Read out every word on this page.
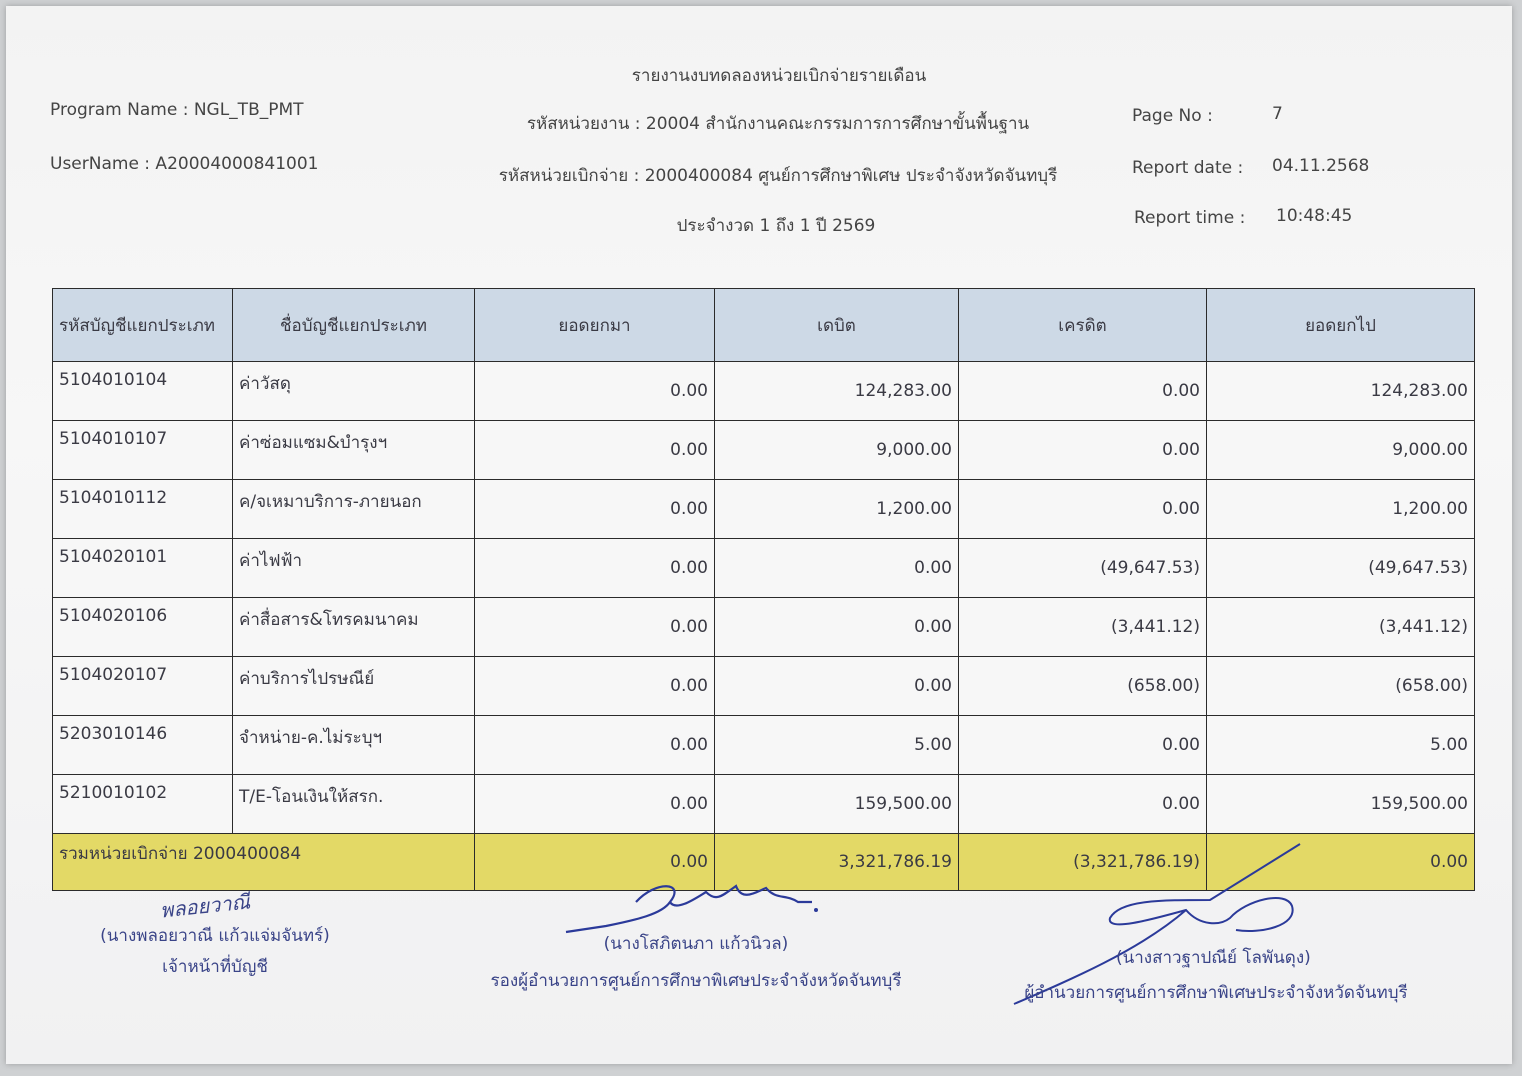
รายงานงบทดลองหน่วยเบิกจ่ายรายเดือน
Program Name : NGL_TB_PMT
UserName : A20004000841001
รหัสหน่วยงาน : 20004 สำนักงานคณะกรรมการการศึกษาขั้นพื้นฐาน
รหัสหน่วยเบิกจ่าย : 2000400084 ศูนย์การศึกษาพิเศษ ประจำจังหวัดจันทบุรี
ประจำงวด 1 ถึง 1 ปี 2569
Page No :	7
Report date : 04.11.2568
Report time : 10:48:45
รหัสบัญชีแยกประเภท	ชื่อบัญชีแยกประเภท	ยอดยกมา	เดบิต	เครดิต	ยอดยกไป
5104010104	ค่าวัสดุ	0.00	124,283.00	0.00	124,283.00
5104010107	ค่าซ่อมแซม&บำรุงฯ	0.00	9,000.00	0.00	9,000.00
5104010112	ค/จเหมาบริการ-ภายนอก	0.00	1,200.00	0.00	1,200.00
5104020101	ค่าไฟฟ้า	0.00	0.00	(49,647.53)	(49,647.53)
5104020106	ค่าสื่อสาร&โทรคมนาคม	0.00	0.00	(3,441.12)	(3,441.12)
5104020107	ค่าบริการไปรษณีย์	0.00	0.00	(658.00)	(658.00)
5203010146	จำหน่าย-ค.ไม่ระบุฯ	0.00	5.00	0.00	5.00
5210010102	T/E-โอนเงินให้สรก.	0.00	159,500.00	0.00	159,500.00
รวมหน่วยเบิกจ่าย 2000400084		0.00	3,321,786.19	(3,321,786.19)	0.00
พลอยวาณี
(นางพลอยวาณี แก้วแจ่มจันทร์)
เจ้าหน้าที่บัญชี
(นางโสภิตนภา แก้วนิวล)
รองผู้อำนวยการศูนย์การศึกษาพิเศษประจำจังหวัดจันทบุรี
(นางสาวฐาปณีย์ โลพันดุง)
ผู้อำนวยการศูนย์การศึกษาพิเศษประจำจังหวัดจันทบุรี
